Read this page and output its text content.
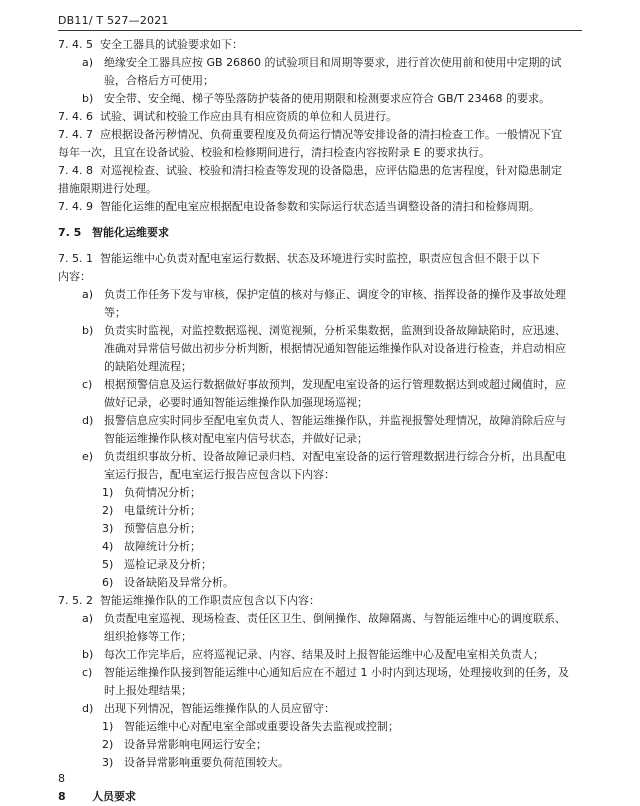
DB11/ T 527—2021
7. 4. 5 安全工器具的试验要求如下：
a) 绝缘安全工器具应按 GB 26860 的试验项目和周期等要求，进行首次使用前和使用中定期的试
验，合格后方可使用；
b) 安全带、安全绳、梯子等坠落防护装备的使用期限和检测要求应符合 GB/T 23468 的要求。
7. 4. 6 试验、调试和校验工作应由具有相应资质的单位和人员进行。
7. 4. 7 应根据设备污秽情况、负荷重要程度及负荷运行情况等安排设备的清扫检查工作。一般情况下宜
每年一次，且宜在设备试验、校验和检修期间进行，清扫检查内容按附录 E 的要求执行。
7. 4. 8 对巡视检查、试验、校验和清扫检查等发现的设备隐患，应评估隐患的危害程度，针对隐患制定
措施限期进行处理。
7. 4. 9 智能化运维的配电室应根据配电设备参数和实际运行状态适当调整设备的清扫和检修周期。
7. 5 智能化运维要求
7. 5. 1 智能运维中心负责对配电室运行数据、状态及环境进行实时监控，职责应包含但不限于以下
内容：
a) 负责工作任务下发与审核，保护定值的核对与修正、调度令的审核、指挥设备的操作及事故处理
等；
b) 负责实时监视，对监控数据巡视、浏览视频，分析采集数据，监测到设备故障缺陷时，应迅速、
准确对异常信号做出初步分析判断，根据情况通知智能运维操作队对设备进行检查，并启动相应
的缺陷处理流程；
c) 根据预警信息及运行数据做好事故预判，发现配电室设备的运行管理数据达到或超过阈值时，应
做好记录，必要时通知智能运维操作队加强现场巡视；
d) 报警信息应实时同步至配电室负责人、智能运维操作队，并监视报警处理情况，故障消除后应与
智能运维操作队核对配电室内信号状态，并做好记录；
e) 负责组织事故分析、设备故障记录归档、对配电室设备的运行管理数据进行综合分析，出具配电
室运行报告，配电室运行报告应包含以下内容：
1) 负荷情况分析；
2) 电量统计分析；
3) 预警信息分析；
4) 故障统计分析；
5) 巡检记录及分析；
6) 设备缺陷及异常分析。
7. 5. 2 智能运维操作队的工作职责应包含以下内容：
a) 负责配电室巡视、现场检查、责任区卫生、倒闸操作、故障隔离、与智能运维中心的调度联系、
组织抢修等工作；
b) 每次工作完毕后，应将巡视记录、内容、结果及时上报智能运维中心及配电室相关负责人；
c) 智能运维操作队接到智能运维中心通知后应在不超过 1 小时内到达现场，处理接收到的任务，及
时上报处理结果；
d) 出现下列情况，智能运维操作队的人员应留守：
1) 智能运维中心对配电室全部或重要设备失去监视或控制；
2) 设备异常影响电网运行安全；
3) 设备异常影响重要负荷范围较大。
8 人员要求
8
